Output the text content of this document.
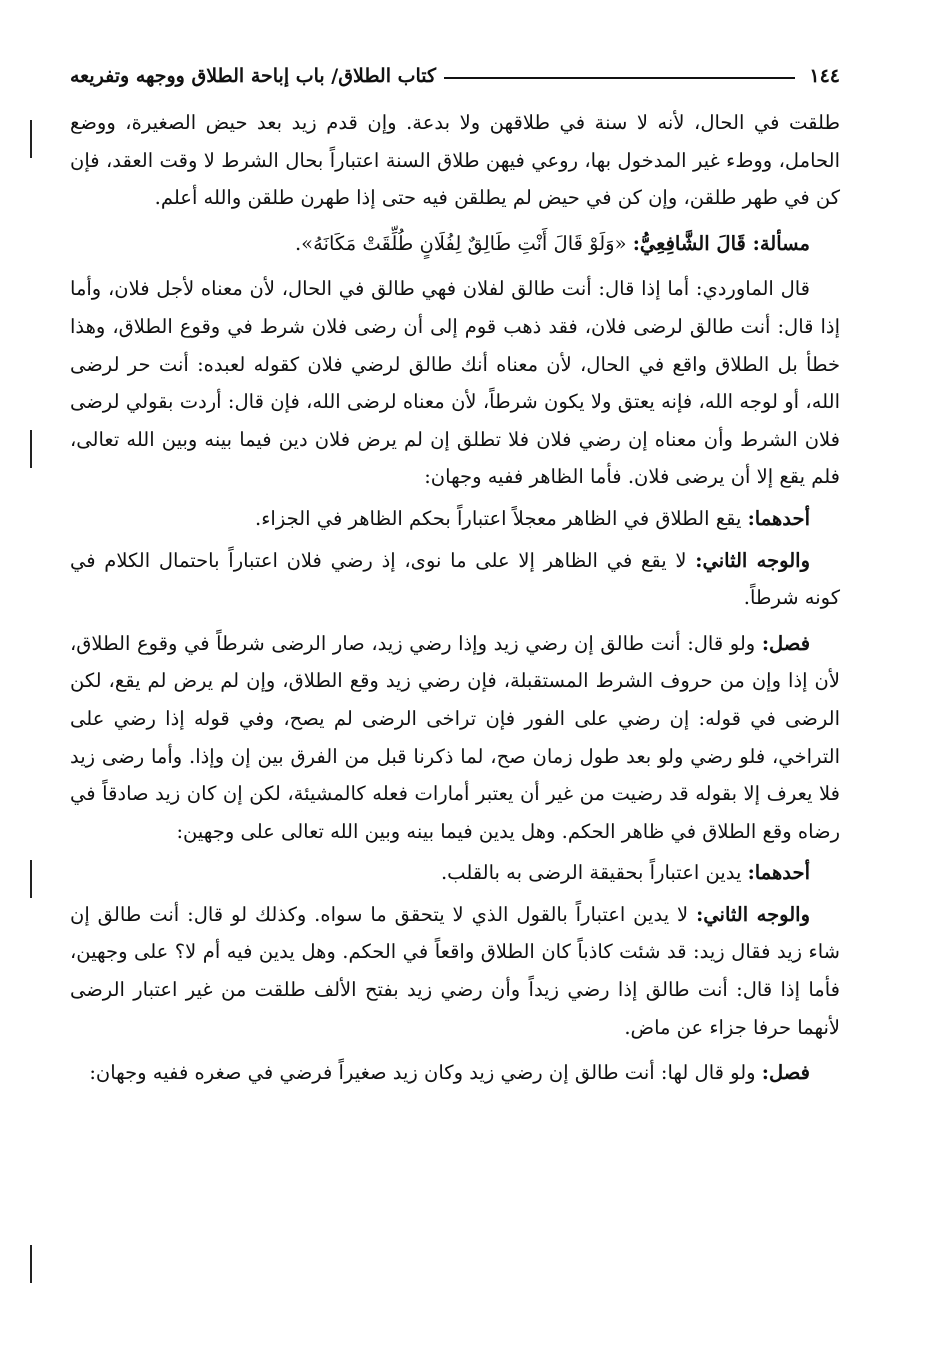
١٤٤
كتاب الطلاق/ باب إباحة الطلاق ووجهه وتفريعه

طلقت في الحال، لأنه لا سنة في طلاقهن ولا بدعة. وإن قدم زيد بعد حيض الصغيرة، ووضع الحامل، ووطء غير المدخول بها، روعي فيهن طلاق السنة اعتباراً بحال الشرط لا وقت العقد، فإن كن في طهر طلقن، وإن كن في حيض لم يطلقن فيه حتى إذا طهرن طلقن والله أعلم.

مسألة: قَالَ الشَّافِعِيُّ: «وَلَوْ قَالَ أَنْتِ طَالِقٌ لِفُلَانٍ طُلِّقَتْ مَكَانَهُ».

قال الماوردي: أما إذا قال: أنت طالق لفلان فهي طالق في الحال، لأن معناه لأجل فلان، وأما إذا قال: أنت طالق لرضى فلان، فقد ذهب قوم إلى أن رضى فلان شرط في وقوع الطلاق، وهذا خطأ بل الطلاق واقع في الحال، لأن معناه أنك طالق لرضي فلان كقوله لعبده: أنت حر لرضى الله، أو لوجه الله، فإنه يعتق ولا يكون شرطاً، لأن معناه لرضى الله، فإن قال: أردت بقولي لرضى فلان الشرط وأن معناه إن رضي فلان فلا تطلق إن لم يرض فلان دين فيما بينه وبين الله تعالى، فلم يقع إلا أن يرضى فلان. فأما الظاهر ففيه وجهان:

أحدهما: يقع الطلاق في الظاهر معجلاً اعتباراً بحكم الظاهر في الجزاء.

والوجه الثاني: لا يقع في الظاهر إلا على ما نوى، إذ رضي فلان اعتباراً باحتمال الكلام في كونه شرطاً.

فصل: ولو قال: أنت طالق إن رضي زيد وإذا رضي زيد، صار الرضى شرطاً في وقوع الطلاق، لأن إذا وإن من حروف الشرط المستقبلة، فإن رضي زيد وقع الطلاق، وإن لم يرض لم يقع، لكن الرضى في قوله: إن رضي على الفور فإن تراخى الرضى لم يصح، وفي قوله إذا رضي على التراخي، فلو رضي ولو بعد طول زمان صح، لما ذكرنا قبل من الفرق بين إن وإذا. وأما رضى زيد فلا يعرف إلا بقوله قد رضيت من غير أن يعتبر أمارات فعله كالمشيئة، لكن إن كان زيد صادقاً في رضاه وقع الطلاق في ظاهر الحكم. وهل يدين فيما بينه وبين الله تعالى على وجهين:

أحدهما: يدين اعتباراً بحقيقة الرضى به بالقلب.

والوجه الثاني: لا يدين اعتباراً بالقول الذي لا يتحقق ما سواه. وكذلك لو قال: أنت طالق إن شاء زيد فقال زيد: قد شئت كاذباً كان الطلاق واقعاً في الحكم. وهل يدين فيه أم لا؟ على وجهين، فأما إذا قال: أنت طالق إذا رضي زيداً وأن رضي زيد بفتح الألف طلقت من غير اعتبار الرضى لأنهما حرفا جزاء عن ماض.

فصل: ولو قال لها: أنت طالق إن رضي زيد وكان زيد صغيراً فرضي في صغره ففيه وجهان:
